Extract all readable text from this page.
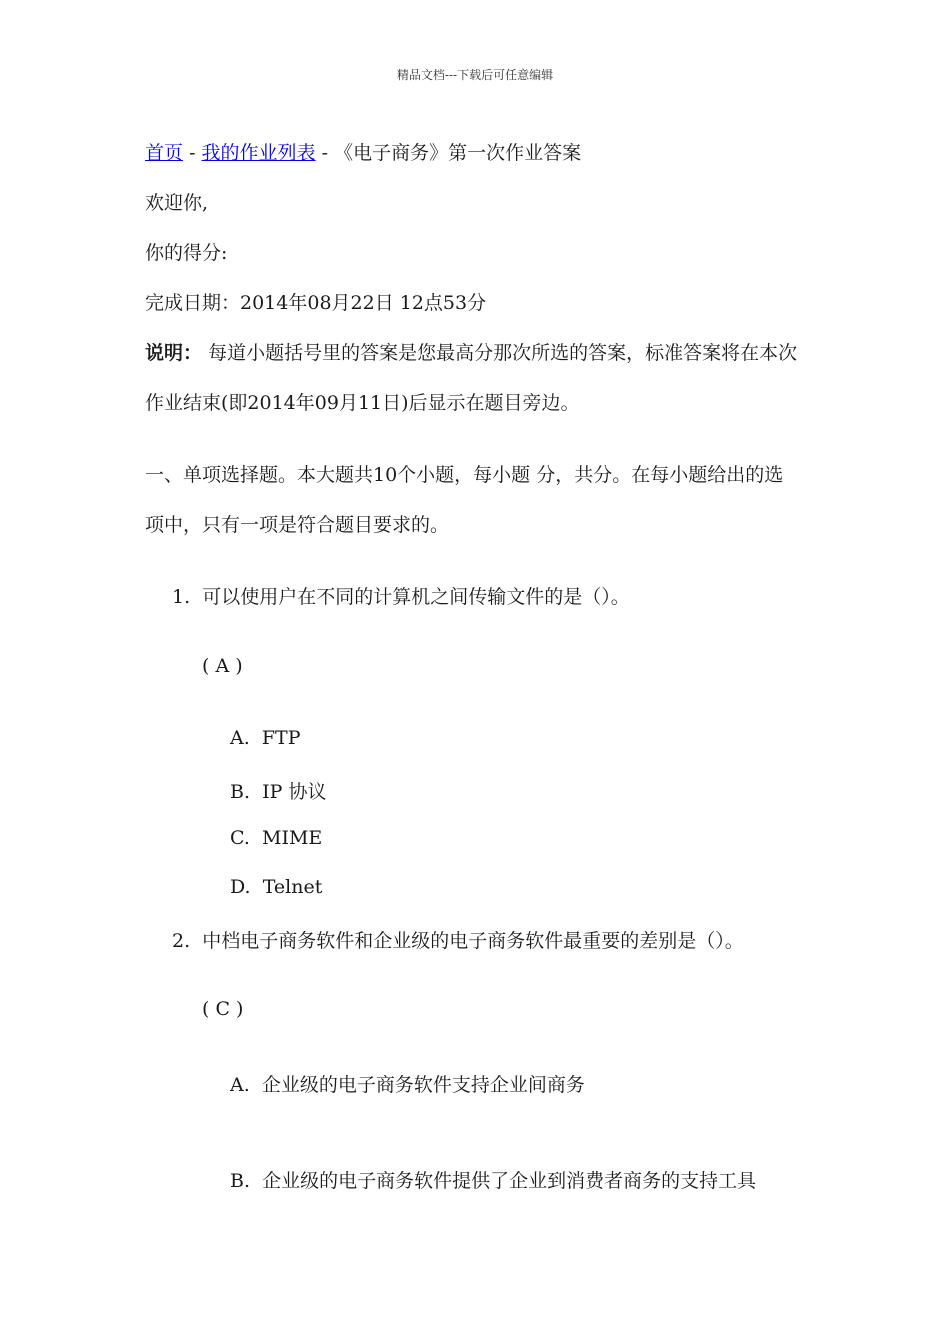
精品文档---下载后可任意编辑
首页 - 我的作业列表 - 《电子商务》第一次作业答案
欢迎你,
你的得分:
完成日期：2014年08月22日 12点53分
说明： 每道小题括号里的答案是您最高分那次所选的答案，标准答案将在本次
作业结束(即2014年09月11日)后显示在题目旁边。
一、单项选择题。本大题共10个小题，每小题 分，共分。在每小题给出的选
项中，只有一项是符合题目要求的。
1. 可以使用户在不同的计算机之间传输文件的是（）。
( A )
A. FTP
B. IP 协议
C. MIME
D. Telnet
2. 中档电子商务软件和企业级的电子商务软件最重要的差别是（）。
( C )
A. 企业级的电子商务软件支持企业间商务
B. 企业级的电子商务软件提供了企业到消费者商务的支持工具
